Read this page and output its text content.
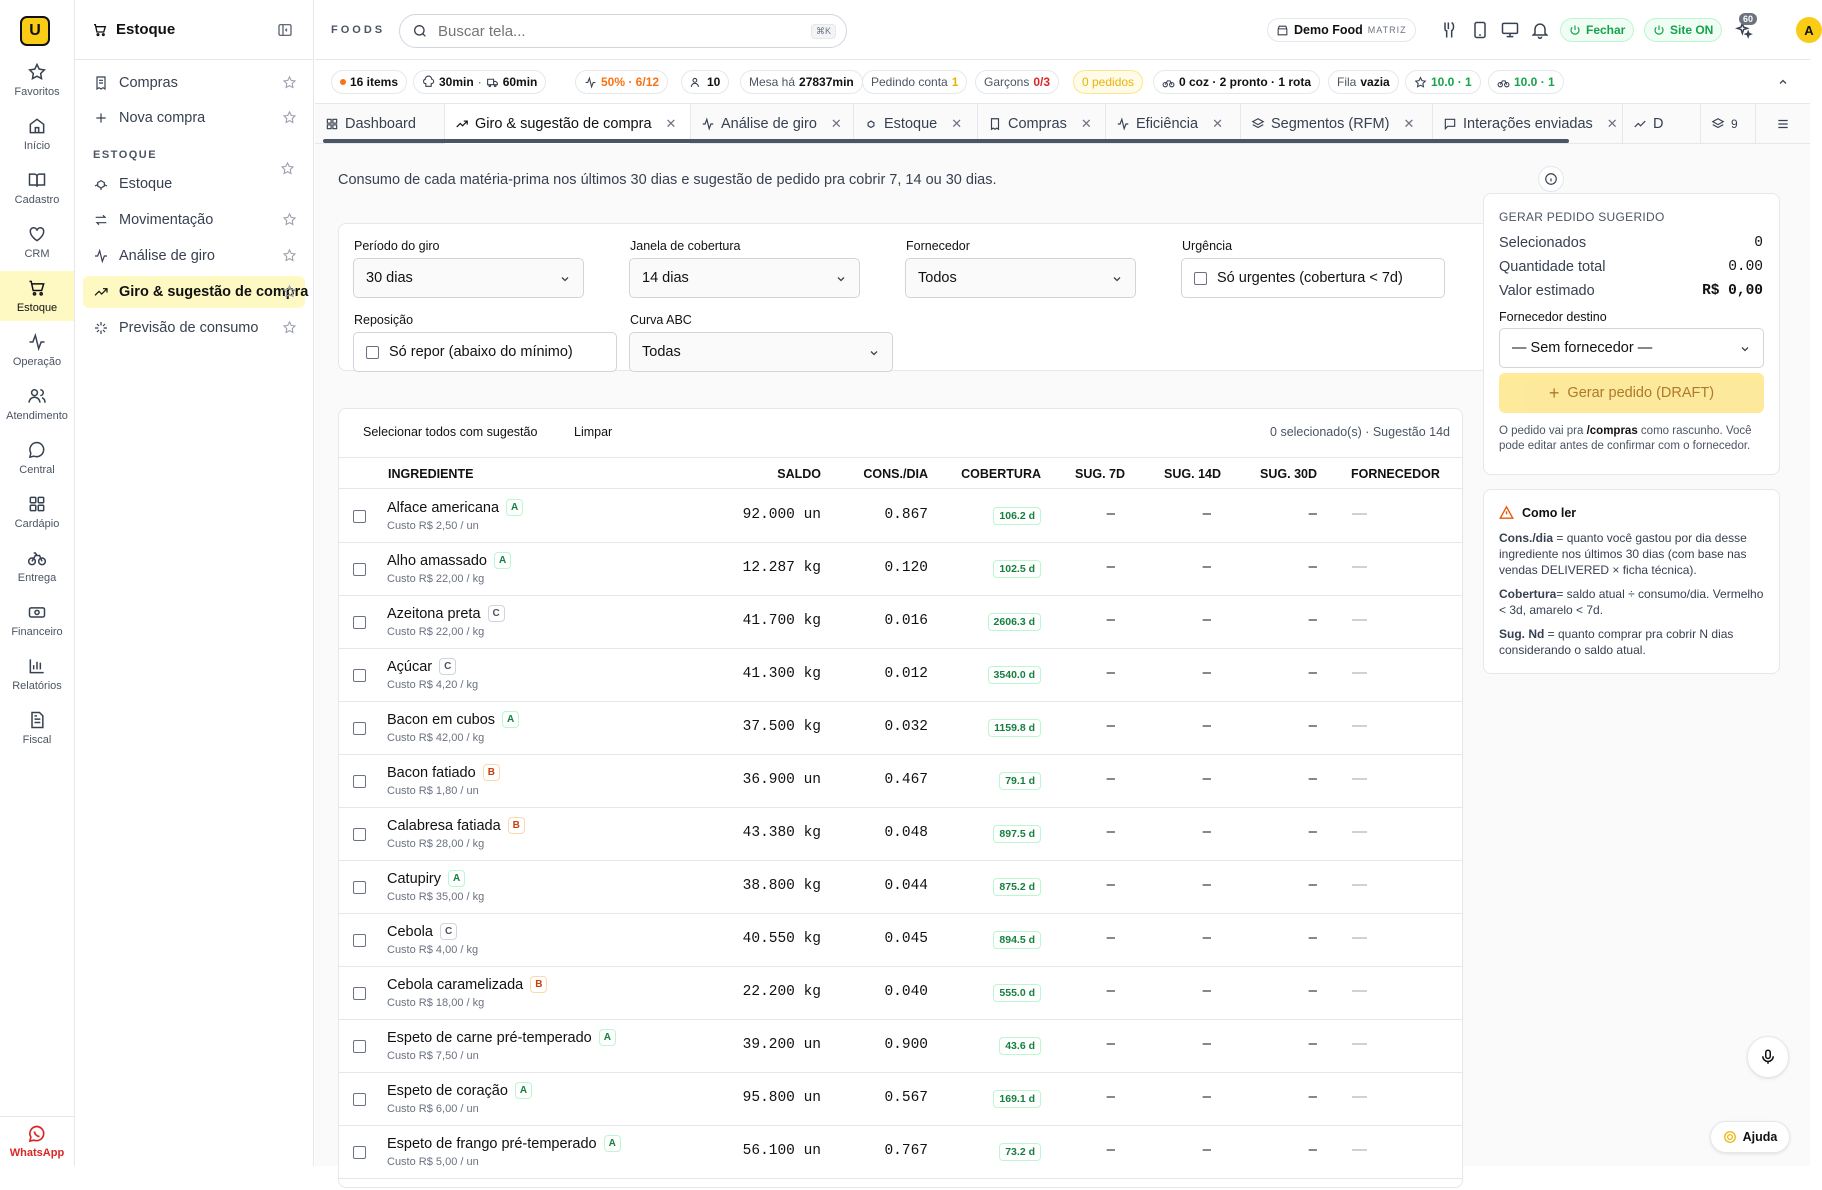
U
Favoritos
Início
Cadastro
CRM
Estoque
Operação
Atendimento
Central
Cardápio
Entrega
Financeiro
Relatórios
Fiscal
WhatsApp
Estoque
Compras
Nova compra
ESTOQUE
Estoque
Movimentação
Análise de giro
Giro & sugestão de compra
Previsão de consumo
FOODS
Buscar tela...	⌘K	Demo Food MATRIZ	Fechar	Site ON
60
A
16 items	30min · 60min	50% · 6/12	10 Mesa há 27837min Pedindo conta 1 Garçons 0/3	0 pedidos	0 coz · 2 pronto · 1 rota Fila vazia	10.0 · 1	10.0 · 1
Dashboard	Giro & sugestão de compra ✕	Análise de giro ✕	Estoque ✕	Compras ✕	Eficiência ✕	Segmentos (RFM) ✕	Interações enviadas ✕ D	9
Consumo de cada matéria-prima nos últimos 30 dias e sugestão de pedido pra cobrir 7, 14 ou 30 dias.
Período do giro
30 dias
Janela de cobertura
14 dias
Fornecedor
Todos
Urgência
Só urgentes (cobertura < 7d)
Reposição
Só repor (abaixo do mínimo)
Curva ABC
Todas
Selecionar todos com sugestão	Limpar	0 selecionado(s) · Sugestão 14d
INGREDIENTE	SALDO	CONS./DIA	COBERTURA	SUG. 7D	SUG. 14D	SUG. 30D	FORNECEDOR
Alface americana	A
Custo R$ 2,50 / un
92.000 un	0.867	106.2 d	–	–	– —
Alho amassado	A
Custo R$ 22,00 / kg
12.287 kg	0.120	102.5 d	–	–	– —
Azeitona preta	C
Custo R$ 22,00 / kg
41.700 kg	0.016	2606.3 d	–	–	– —
Açúcar	C
Custo R$ 4,20 / kg
41.300 kg	0.012	3540.0 d	–	–	– —
Bacon em cubos	A
Custo R$ 42,00 / kg
37.500 kg	0.032	1159.8 d	–	–	– —
Bacon fatiado	B
Custo R$ 1,80 / un
36.900 un	0.467	79.1 d	–	–	– —
Calabresa fatiada	B
Custo R$ 28,00 / kg
43.380 kg	0.048	897.5 d	–	–	– —
Catupiry	A
Custo R$ 35,00 / kg
38.800 kg	0.044	875.2 d	–	–	– —
Cebola	C
Custo R$ 4,00 / kg
40.550 kg	0.045	894.5 d	–	–	– —
Cebola caramelizada	B
Custo R$ 18,00 / kg
22.200 kg	0.040	555.0 d	–	–	– —
Espeto de carne pré-temperado	A
Custo R$ 7,50 / un
39.200 un	0.900	43.6 d	–	–	– —
Espeto de coração	A
Custo R$ 6,00 / un
95.800 un	0.567	169.1 d	–	–	– —
Espeto de frango pré-temperado	A
Custo R$ 5,00 / un
56.100 un	0.767	73.2 d	–	–	– —
GERAR PEDIDO SUGERIDO
Selecionados	0
Quantidade total	0.00
Valor estimado	R$ 0,00
Fornecedor destino
— Sem fornecedor —
+ Gerar pedido (DRAFT)
O pedido vai pra /compras como rascunho. Você pode editar antes de confirmar com o fornecedor.
Como ler
Cons./dia = quanto você gastou por dia desse ingrediente nos últimos 30 dias (com base nas vendas DELIVERED × ficha técnica).
Cobertura= saldo atual ÷ consumo/dia. Vermelho < 3d, amarelo < 7d.
Sug. Nd = quanto comprar pra cobrir N dias considerando o saldo atual.
Ajuda
